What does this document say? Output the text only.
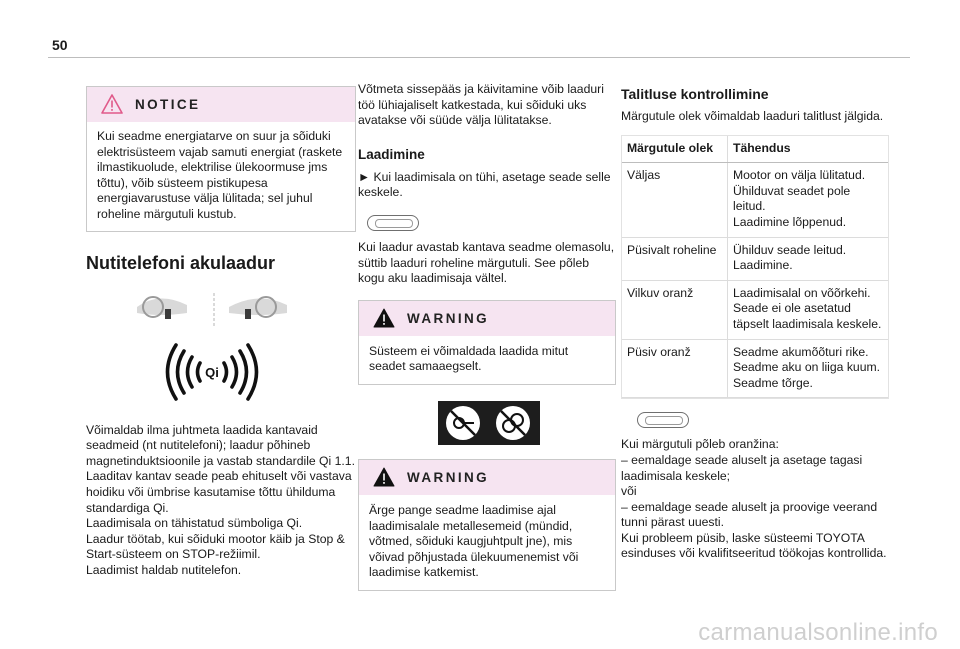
50
NOTICE

Kui seadme energiatarve on suur ja sõiduki elektrisüsteem vajab samuti energiat (raskete ilmastikuolude, elektrilise ülekoormuse jms tõttu), võib süsteem pistikupesa energiavarustuse välja lülitada; sel juhul roheline märgutuli kustub.

Nutitelefoni akulaadur
Qi

Võimaldab ilma juhtmeta laadida kantavaid seadmeid (nt nutitelefoni); laadur põhineb magnetinduktsioonile ja vastab standardile Qi 1.1.

Laaditav kantav seade peab ehituselt või vastava hoidiku või ümbrise kasutamise tõttu ühilduma standardiga Qi.

Laadimisala on tähistatud sümboliga Qi.

Laadur töötab, kui sõiduki mootor käib ja Stop & Start-süsteem on STOP-režiimil.

Laadimist haldab nutitelefon.

Võtmeta sissepääs ja käivitamine võib laaduri töö lühiajaliselt katkestada, kui sõiduki uks avatakse või süüde välja lülitatakse.

Laadimine

► Kui laadimisala on tühi, asetage seade selle keskele.

Kui laadur avastab kantava seadme olemasolu, süttib laaduri roheline märgutuli. See põleb kogu aku laadimisaja vältel.

WARNING

Süsteem ei võimaldada laadida mitut seadet samaaegselt.

WARNING

Ärge pange seadme laadimise ajal laadimisalale metallesemeid (mündid, võtmed, sõiduki kaugjuhtpult jne), mis võivad põhjustada ülekuumenemist või laadimise katkemist.

Talitluse kontrollimine

Märgutule olek võimaldab laaduri talitlust jälgida.

Märgutule olek	Tähendus
Väljas	Mootor on välja lülitatud.
Ühilduvat seadet pole leitud.
Laadimine lõppenud.
Püsivalt roheline	Ühilduv seade leitud.
Laadimine.
Vilkuv oranž	Laadimisalal on võõrkehi.
Seade ei ole asetatud täpselt laadimisala keskele.
Püsiv oranž	Seadme akumõõturi rike.
Seadme aku on liiga kuum.
Seadme tõrge.

Kui märgutuli põleb oranžina:

– eemaldage seade aluselt ja asetage tagasi laadimisala keskele;

või

– eemaldage seade aluselt ja proovige veerand tunni pärast uuesti.

Kui probleem püsib, laske süsteemi TOYOTA esinduses või kvalifitseeritud töökojas kontrollida.

carmanualsonline.info
